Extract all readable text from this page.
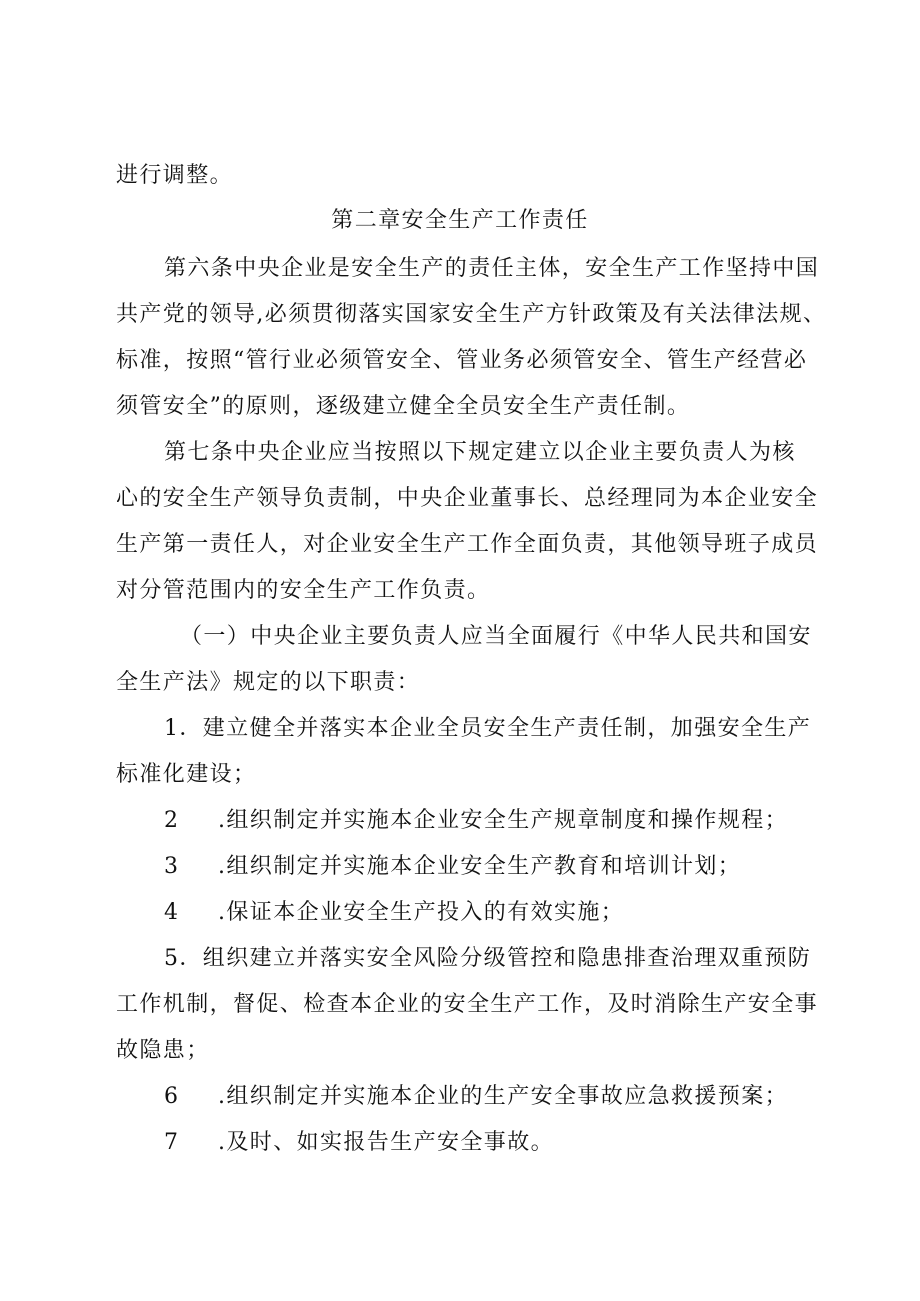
进行调整。
第二章安全生产工作责任
第六条中央企业是安全生产的责任主体，安全生产工作坚持中国
共产党的领导,必须贯彻落实国家安全生产方针政策及有关法律法规、
标准，按照“管行业必须管安全、管业务必须管安全、管生产经营必
须管安全”的原则，逐级建立健全全员安全生产责任制。
第七条中央企业应当按照以下规定建立以企业主要负责人为核
心的安全生产领导负责制，中央企业董事长、总经理同为本企业安全
生产第一责任人，对企业安全生产工作全面负责，其他领导班子成员
对分管范围内的安全生产工作负责。
（一）中央企业主要负责人应当全面履行《中华人民共和国安
全生产法》规定的以下职责：
1．建立健全并落实本企业全员安全生产责任制，加强安全生产
标准化建设；
2 .组织制定并实施本企业安全生产规章制度和操作规程；
3 .组织制定并实施本企业安全生产教育和培训计划；
4 .保证本企业安全生产投入的有效实施；
5．组织建立并落实安全风险分级管控和隐患排查治理双重预防
工作机制，督促、检查本企业的安全生产工作，及时消除生产安全事
故隐患；
6 .组织制定并实施本企业的生产安全事故应急救援预案；
7 .及时、如实报告生产安全事故。
